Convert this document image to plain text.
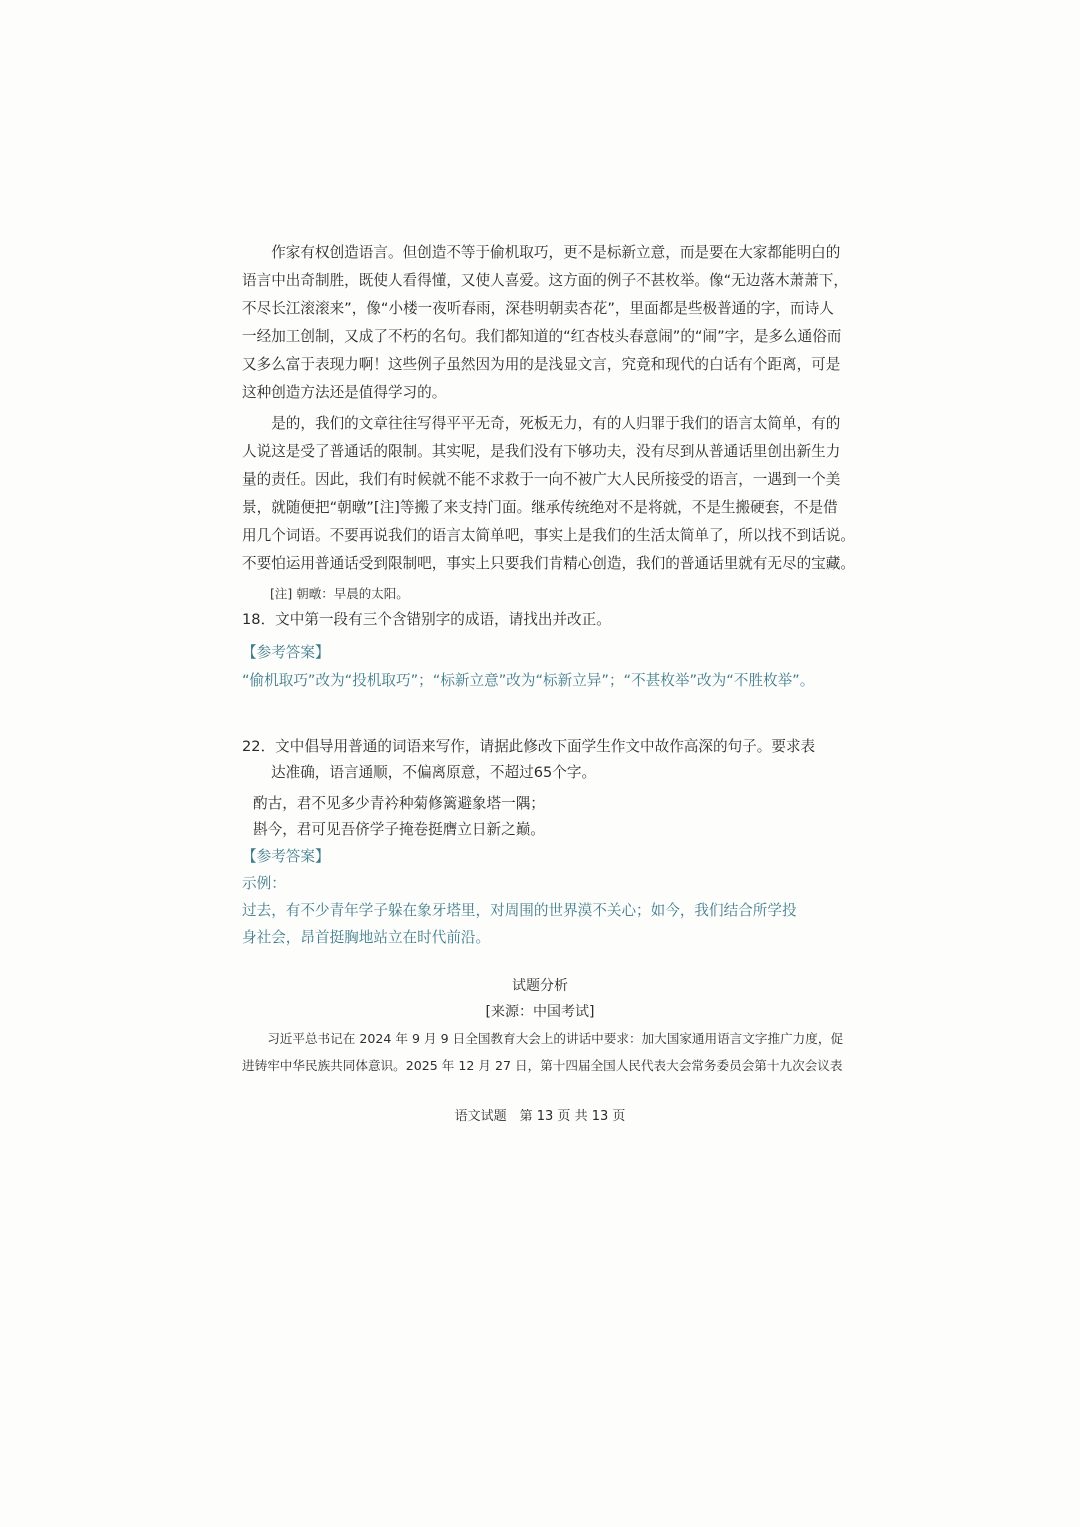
　　作家有权创造语言。但创造不等于偷机取巧，更不是标新立意，而是要在大家都能明白的
语言中出奇制胜，既使人看得懂，又使人喜爱。这方面的例子不甚枚举。像“无边落木萧萧下，
不尽长江滚滚来”，像“小楼一夜听春雨，深巷明朝卖杏花”，里面都是些极普通的字，而诗人
一经加工创制，又成了不朽的名句。我们都知道的“红杏枝头春意闹”的“闹”字，是多么通俗而
又多么富于表现力啊！这些例子虽然因为用的是浅显文言，究竟和现代的白话有个距离，可是
这种创造方法还是值得学习的。
　　是的，我们的文章往往写得平平无奇，死板无力，有的人归罪于我们的语言太简单，有的
人说这是受了普通话的限制。其实呢，是我们没有下够功夫，没有尽到从普通话里创出新生力
量的责任。因此，我们有时候就不能不求救于一向不被广大人民所接受的语言，一遇到一个美
景，就随便把“朝暾”[注]等搬了来支持门面。继承传统绝对不是将就，不是生搬硬套，不是借
用几个词语。不要再说我们的语言太简单吧，事实上是我们的生活太简单了，所以找不到话说。
不要怕运用普通话受到限制吧，事实上只要我们肯精心创造，我们的普通话里就有无尽的宝藏。
[注] 朝暾：早晨的太阳。
18．文中第一段有三个含错别字的成语，请找出并改正。
【参考答案】
“偷机取巧”改为“投机取巧”；“标新立意”改为“标新立异”；“不甚枚举”改为“不胜枚举”。
22．文中倡导用普通的词语来写作，请据此修改下面学生作文中故作高深的句子。要求表
达准确，语言通顺，不偏离原意，不超过65个字。
酌古，君不见多少青衿种菊修篱避象塔一隅；
斟今，君可见吾侪学子掩卷挺膺立日新之巅。
【参考答案】
示例：
过去，有不少青年学子躲在象牙塔里，对周围的世界漠不关心；如今，我们结合所学投
身社会，昂首挺胸地站立在时代前沿。
试题分析
[来源：中国考试]
　　习近平总书记在 2024 年 9 月 9 日全国教育大会上的讲话中要求：加大国家通用语言文字推广力度，促
进铸牢中华民族共同体意识。2025 年 12 月 27 日，第十四届全国人民代表大会常务委员会第十九次会议表
语文试题　第 13 页 共 13 页
